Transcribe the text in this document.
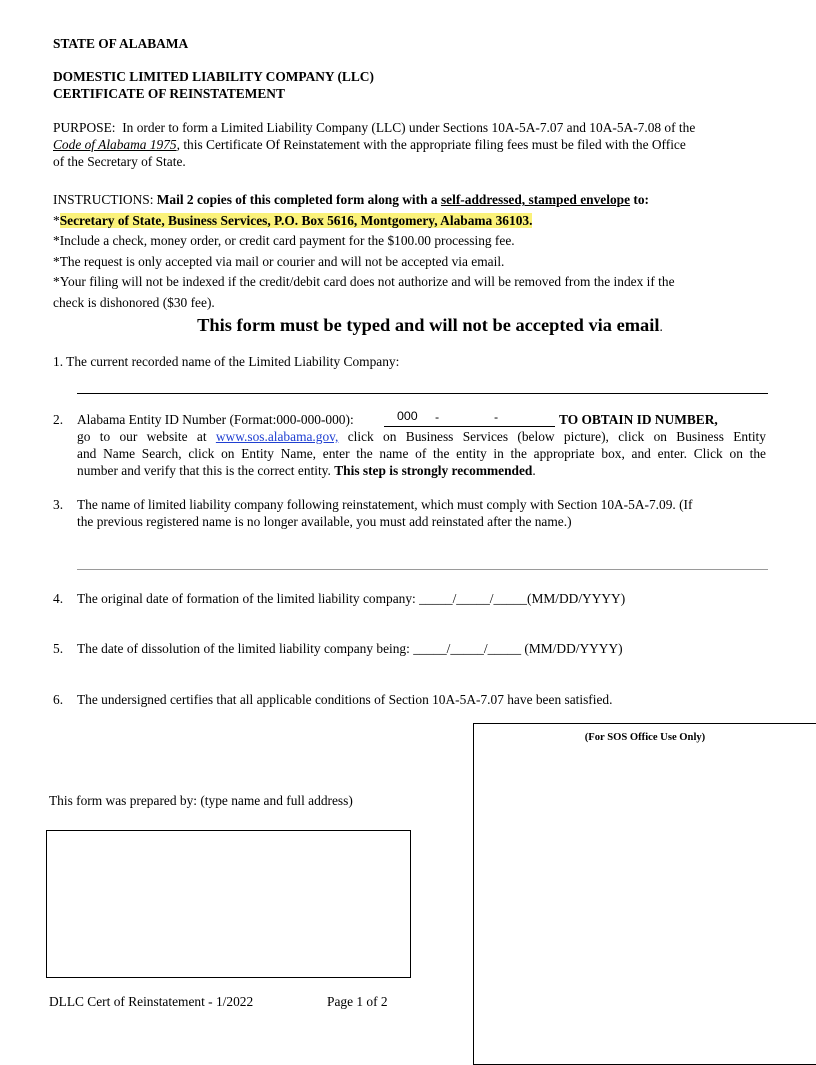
STATE OF ALABAMA
DOMESTIC LIMITED LIABILITY COMPANY (LLC)
CERTIFICATE OF REINSTATEMENT
PURPOSE: In order to form a Limited Liability Company (LLC) under Sections 10A-5A-7.07 and 10A-5A-7.08 of the
Code of Alabama 1975, this Certificate Of Reinstatement with the appropriate filing fees must be filed with the Office
of the Secretary of State.
INSTRUCTIONS: Mail 2 copies of this completed form along with a self-addressed, stamped envelope to:
*Secretary of State, Business Services, P.O. Box 5616, Montgomery, Alabama 36103.
*Include a check, money order, or credit card payment for the $100.00 processing fee.
*The request is only accepted via mail or courier and will not be accepted via email.
*Your filing will not be indexed if the credit/debit card does not authorize and will be removed from the index if the
check is dishonored ($30 fee).
This form must be typed and will not be accepted via email.
1. The current recorded name of the Limited Liability Company:
2. Alabama Entity ID Number (Format:000-000-000):	000 -	-	TO OBTAIN ID NUMBER,
go to our website at www.sos.alabama.gov, click on Business Services (below picture), click on Business Entity
and Name Search, click on Entity Name, enter the name of the entity in the appropriate box, and enter. Click on the
number and verify that this is the correct entity. This step is strongly recommended.
3. The name of limited liability company following reinstatement, which must comply with Section 10A-5A-7.09. (If
the previous registered name is no longer available, you must add reinstated after the name.)
4. The original date of formation of the limited liability company: _____/_____/_____(MM/DD/YYYY)
5. The date of dissolution of the limited liability company being: _____/_____/_____ (MM/DD/YYYY)
6. The undersigned certifies that all applicable conditions of Section 10A-5A-7.07 have been satisfied.
(For SOS Office Use Only)
This form was prepared by: (type name and full address)
DLLC Cert of Reinstatement - 1/2022	Page 1 of 2
